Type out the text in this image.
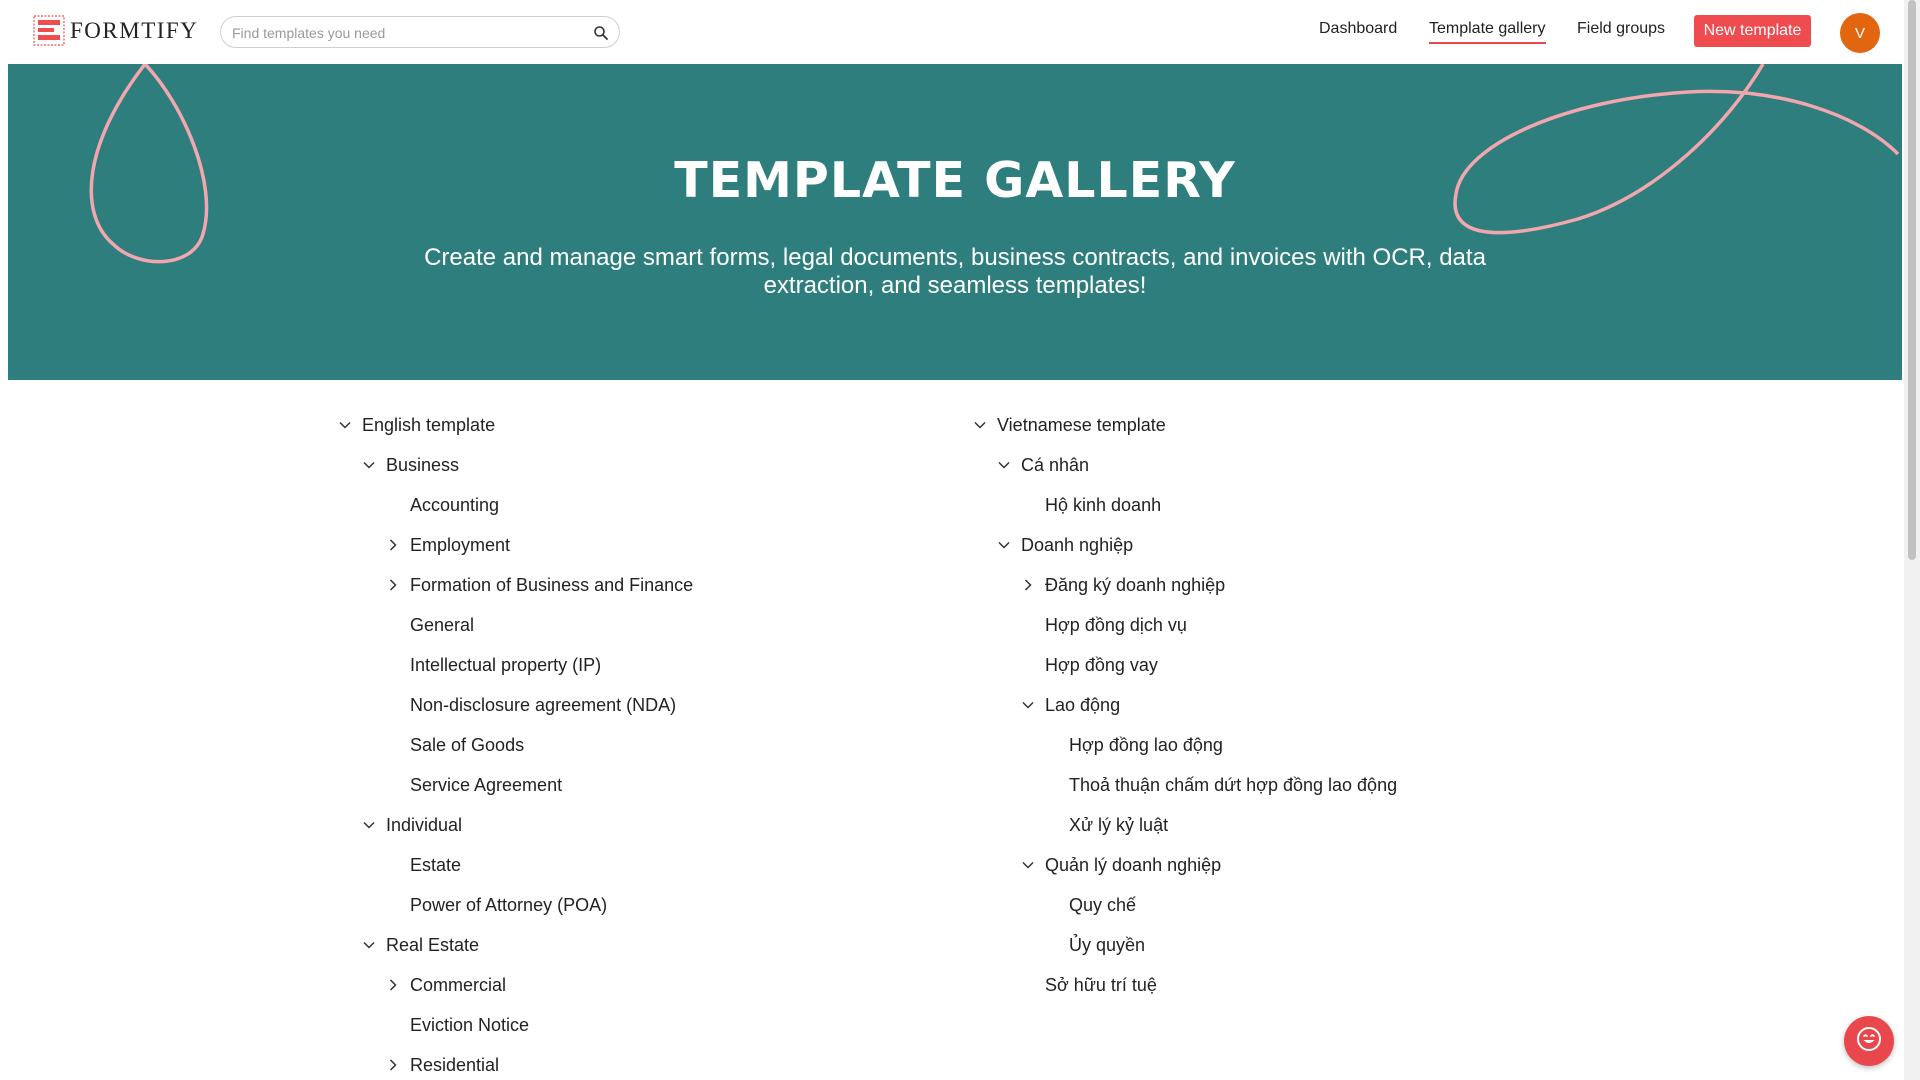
FORMTIFY
Find templates you need	Dashboard Template gallery Field groups	New template	V
TEMPLATE GALLERY
Create and manage smart forms, legal documents, business contracts, and invoices with OCR, data extraction, and seamless templates!
English template
Business
Accounting
Employment
Formation of Business and Finance
General
Intellectual property (IP)
Non-disclosure agreement (NDA)
Sale of Goods
Service Agreement
Individual
Estate
Power of Attorney (POA)
Real Estate
Commercial
Eviction Notice
Residential
Vietnamese template
Cá nhân
Hộ kinh doanh
Doanh nghiệp
Đăng ký doanh nghiệp
Hợp đồng dịch vụ
Hợp đồng vay
Lao động
Hợp đồng lao động
Thoả thuận chấm dứt hợp đồng lao động
Xử lý kỷ luật
Quản lý doanh nghiệp
Quy chế
Ủy quyền
Sở hữu trí tuệ
